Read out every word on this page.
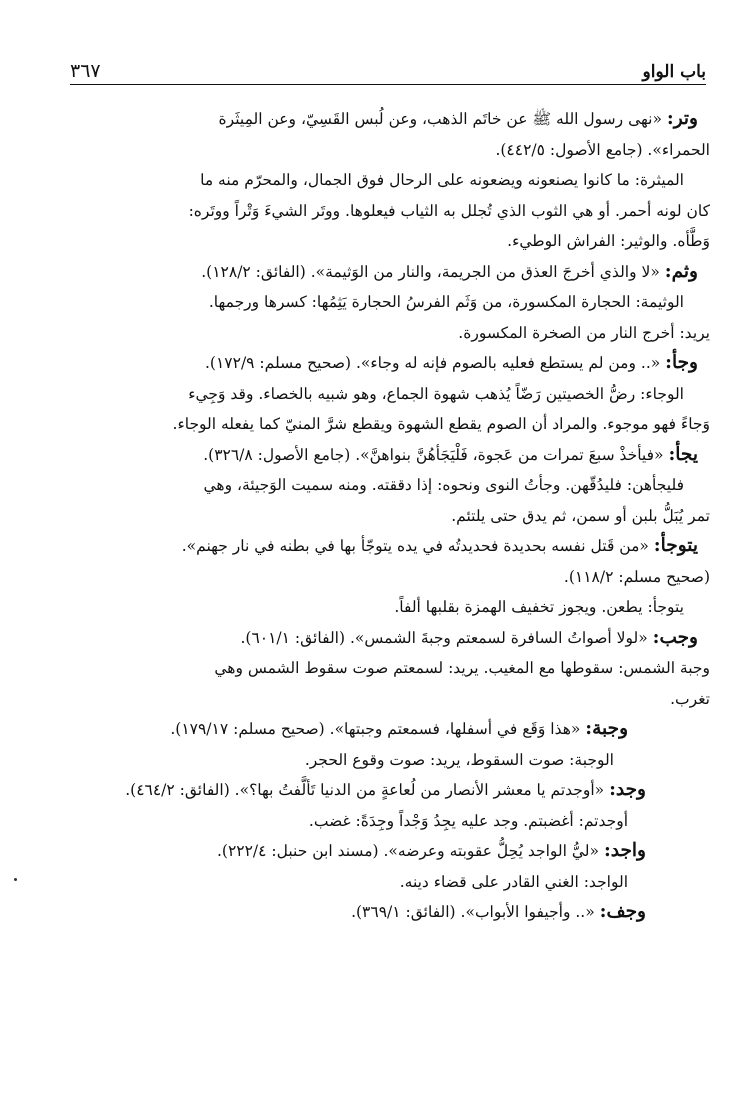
٣٦٧	باب الواو
وتر: «نهى رسول الله ﷺ عن خاتَم الذهب، وعن لُبس القَسِيّ، وعن المِيثَرة
الحمراء». (جامع الأصول: ٤٤٢/٥).
الميثرة: ما كانوا يصنعونه ويضعونه على الرحال فوق الجمال، والمحرّم منه ما
كان لونه أحمر. أو هي الثوب الذي تُجلل به الثياب فيعلوها. ووتَر الشيءَ وَتْراً ووتَره:
وَطَّأه. والوثير: الفراش الوطيء.
وثم: «لا والذي أخرجَ العذق من الجريمة، والنار من الوَثيمة». (الفائق: ١٢٨/٢).
الوثيمة: الحجارة المكسورة، من وَثَم الفرسُ الحجارة يَثِمُها: كسرها ورجمها.
يريد: أخرج النار من الصخرة المكسورة.
وجأ: «.. ومن لم يستطع فعليه بالصوم فإنه له وجاء». (صحيح مسلم: ١٧٢/٩).
الوجاء: رضُّ الخصيتين رَضّاً يُذهب شهوة الجماع، وهو شبيه بالخصاء. وقد وَجِيء
وَجاءً فهو موجوء. والمراد أن الصوم يقطع الشهوة ويقطع شرَّ المنيّ كما يفعله الوجاء.
يجأ: «فيأخذْ سبعَ تمرات من عَجوة، فَلْيَجَأهُنَّ بنواهنَّ». (جامع الأصول: ٣٢٦/٨).
فليجأهن: فليدُقّهن. وجأتُ النوى ونحوه: إذا دققته. ومنه سميت الوَجيئة، وهي
تمر يُبَلُّ بلبن أو سمن، ثم يدق حتى يلتئم.
يتوجأ: «من قَتل نفسه بحديدة فحديدتُه في يده يتوجّأ بها في بطنه في نار جهنم».
(صحيح مسلم: ١١٨/٢).
يتوجأ: يطعن. ويجوز تخفيف الهمزة بقلبها ألفاً.
وجب: «لولا أصواتُ السافرة لسمعتم وجبةَ الشمس». (الفائق: ٦٠١/١).
وجبة الشمس: سقوطها مع المغيب. يريد: لسمعتم صوت سقوط الشمس وهي
تغرب.
وجبة: «هذا وَقَع في أسفلها، فسمعتم وجبتها». (صحيح مسلم: ١٧٩/١٧).
الوجبة: صوت السقوط، يريد: صوت وقوع الحجر.
وجد: «أوجدتم يا معشر الأنصار من لُعاعةٍ من الدنيا تَألَّفتُ بها؟». (الفائق: ٤٦٤/٢).
أوجدتم: أغضبتم. وجد عليه يجِدُ وَجْداً وجِدَةً: غضب.
واجد: «ليُّ الواجد يُحِلُّ عقوبته وعرضه». (مسند ابن حنبل: ٢٢٢/٤).
الواجد: الغني القادر على قضاء دينه.
وجف: «.. وأجيفوا الأبواب». (الفائق: ٣٦٩/١).
